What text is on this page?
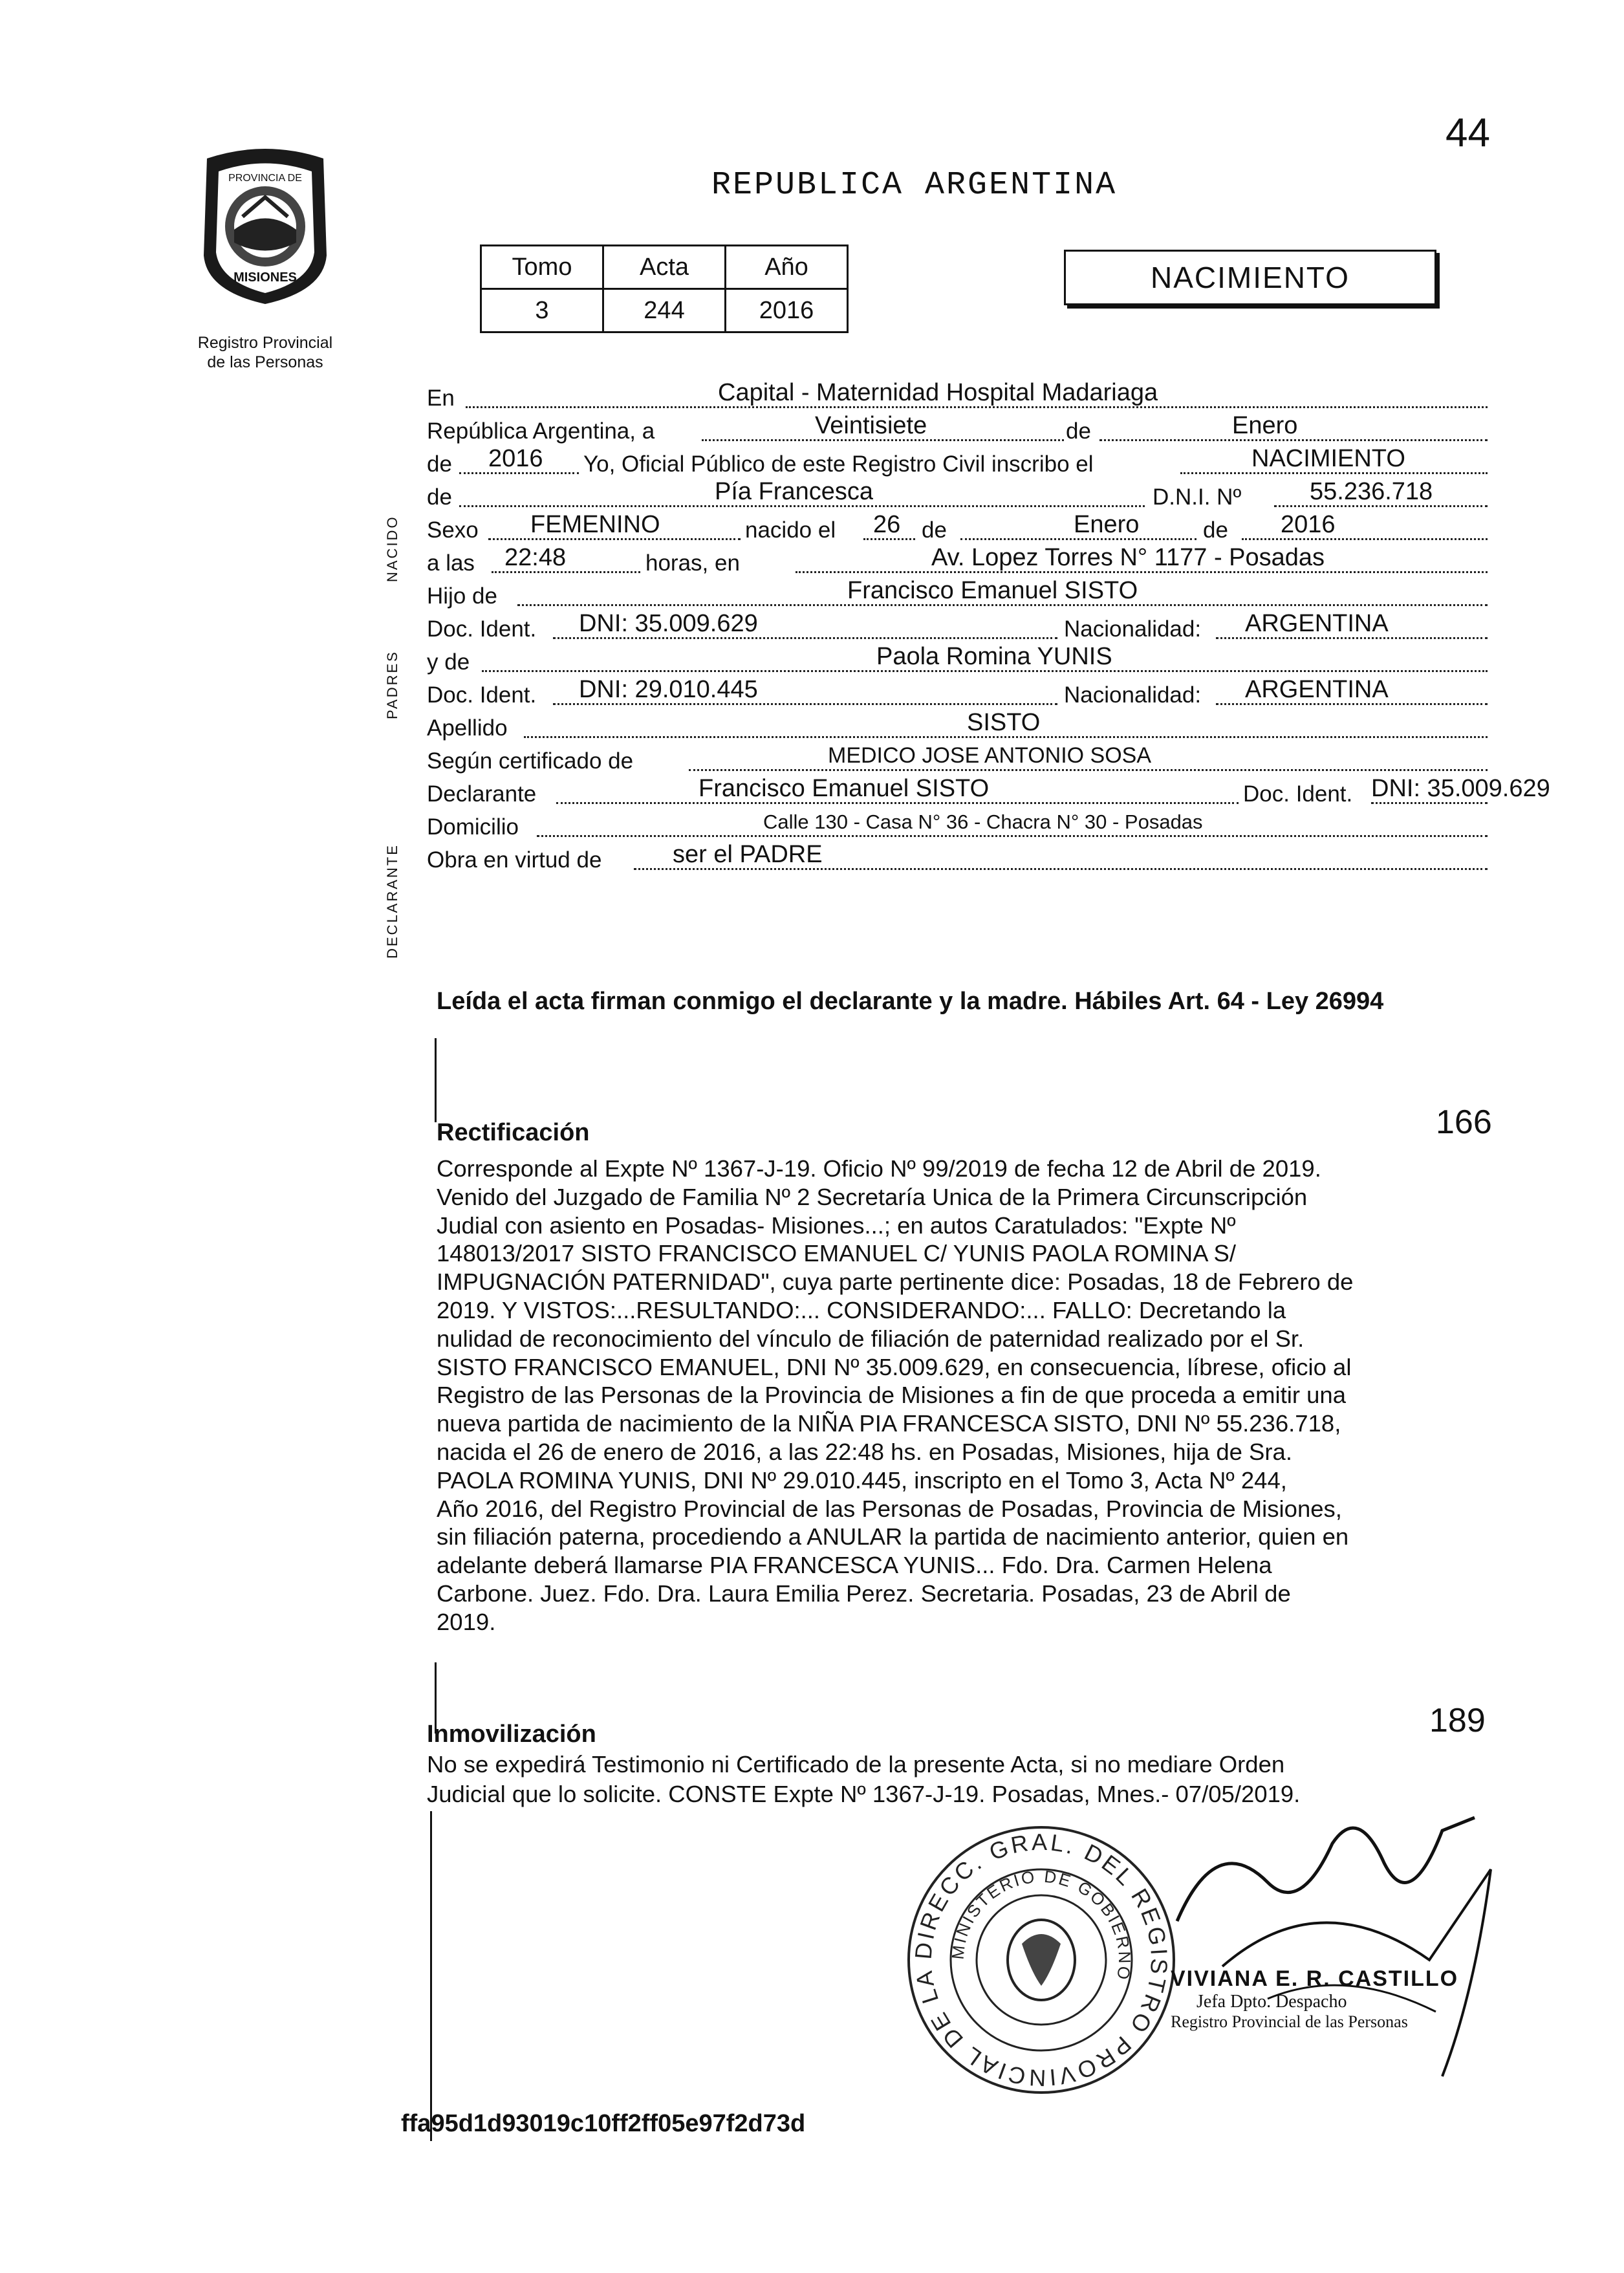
44
PROVINCIA DE
MISIONES
Registro Provincial
de las Personas
REPUBLICA ARGENTINA
Tomo	Acta	Año
3	244	2016
NACIMIENTO
NACIDO
PADRES
DECLARANTE
En	Capital - Maternidad Hospital Madariaga
República Argentina, a	Veintisiete	de	Enero
de 2016 Yo, Oficial Público de este Registro Civil inscribo el	NACIMIENTO
de	Pía Francesca	D.N.I. Nº	55.236.718
Sexo FEMENINO	nacido el 26 de	Enero	de 2016
a las 22:48	horas, en	Av. Lopez Torres N° 1177 - Posadas
Hijo de	Francisco Emanuel SISTO
Doc. Ident. DNI: 35.009.629	Nacionalidad: ARGENTINA
y de	Paola Romina YUNIS
Doc. Ident. DNI: 29.010.445	Nacionalidad: ARGENTINA
Apellido	SISTO
Según certificado de	MEDICO JOSE ANTONIO SOSA
Declarante	Francisco Emanuel SISTO	Doc. Ident. DNI: 35.009.629
Domicilio	Calle 130 - Casa N° 36 - Chacra N° 30 - Posadas
Obra en virtud de	ser el PADRE
Leída el acta firman conmigo el declarante y la madre. Hábiles Art. 64 - Ley 26994
Rectificación	166

Corresponde al Expte Nº 1367-J-19. Oficio Nº 99/2019 de fecha 12 de Abril de 2019.

Venido del Juzgado de Familia Nº 2 Secretaría Unica de la Primera Circunscripción

Judial con asiento en Posadas- Misiones...; en autos Caratulados: "Expte Nº

148013/2017 SISTO FRANCISCO EMANUEL C/ YUNIS PAOLA ROMINA S/

IMPUGNACIÓN PATERNIDAD", cuya parte pertinente dice: Posadas, 18 de Febrero de

2019. Y VISTOS:...RESULTANDO:... CONSIDERANDO:... FALLO: Decretando la

nulidad de reconocimiento del vínculo de filiación de paternidad realizado por el Sr.

SISTO FRANCISCO EMANUEL, DNI Nº 35.009.629, en consecuencia, líbrese, oficio al

Registro de las Personas de la Provincia de Misiones a fin de que proceda a emitir una

nueva partida de nacimiento de la NIÑA PIA FRANCESCA SISTO, DNI Nº 55.236.718,

nacida el 26 de enero de 2016, a las 22:48 hs. en Posadas, Misiones, hija de Sra.

PAOLA ROMINA YUNIS, DNI Nº 29.010.445, inscripto en el Tomo 3, Acta Nº 244,

Año 2016, del Registro Provincial de las Personas de Posadas, Provincia de Misiones,

sin filiación paterna, procediendo a ANULAR la partida de nacimiento anterior, quien en

adelante deberá llamarse PIA FRANCESCA YUNIS... Fdo. Dra. Carmen Helena

Carbone. Juez. Fdo. Dra. Laura Emilia Perez. Secretaria. Posadas, 23 de Abril de

2019.

Inmovilización	189
No se expedirá Testimonio ni Certificado de la presente Acta, si no mediare Orden
Judicial que lo solicite. CONSTE Expte Nº 1367-J-19. Posadas, Mnes.- 07/05/2019.
DIRECC. GRAL. DEL REGISTRO PROVINCIAL DE LA
MINISTERIO DE GOBIERNO VIVIANA E. R. CASTILLO
Jefa Dpto. Despacho
Registro Provincial de las Personas
ffa95d1d93019c10ff2ff05e97f2d73d
